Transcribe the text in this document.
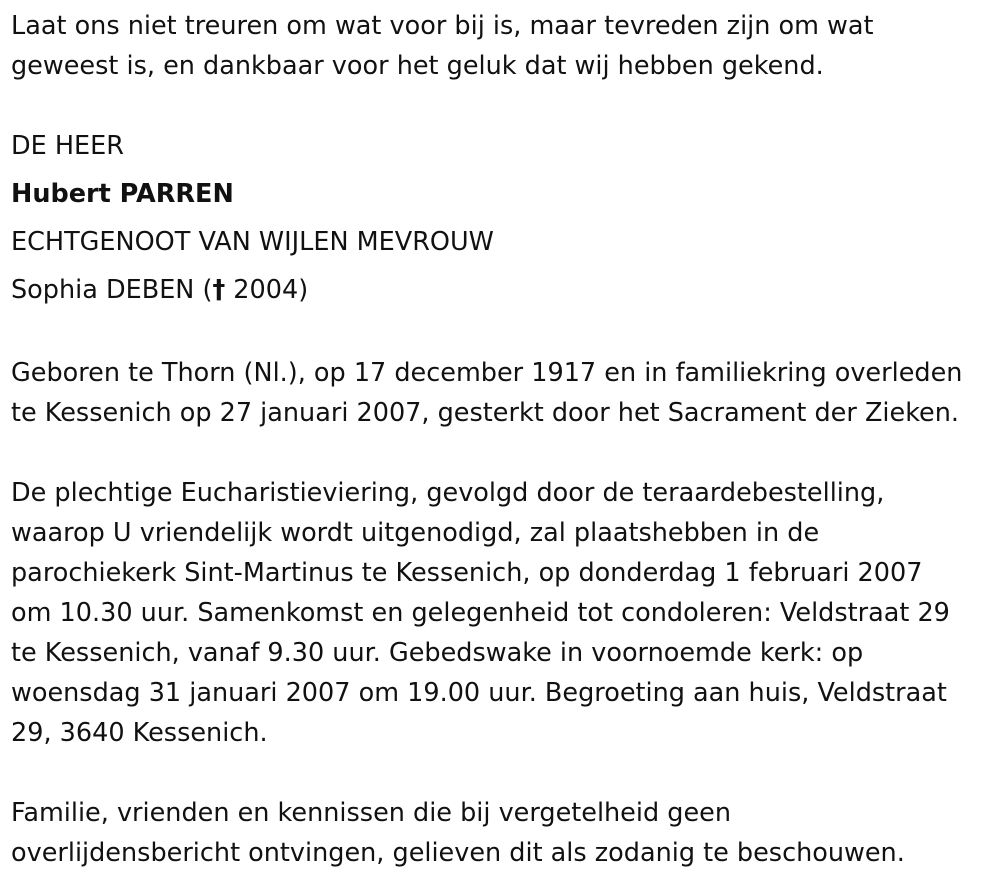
Laat ons niet treuren om wat voor bij is, maar tevreden zijn om wat
geweest is, en dankbaar voor het geluk dat wij hebben gekend.
DE HEER
Hubert PARREN
ECHTGENOOT VAN WIJLEN MEVROUW
Sophia DEBEN († 2004)
Geboren te Thorn (Nl.), op 17 december 1917 en in familiekring overleden
te Kessenich op 27 januari 2007, gesterkt door het Sacrament der Zieken.
De plechtige Eucharistieviering, gevolgd door de teraardebestelling,
waarop U vriendelijk wordt uitgenodigd, zal plaatshebben in de
parochiekerk Sint-Martinus te Kessenich, op donderdag 1 februari 2007
om 10.30 uur. Samenkomst en gelegenheid tot condoleren: Veldstraat 29
te Kessenich, vanaf 9.30 uur. Gebedswake in voornoemde kerk: op
woensdag 31 januari 2007 om 19.00 uur. Begroeting aan huis, Veldstraat
29, 3640 Kessenich.
Familie, vrienden en kennissen die bij vergetelheid geen
overlijdensbericht ontvingen, gelieven dit als zodanig te beschouwen.
